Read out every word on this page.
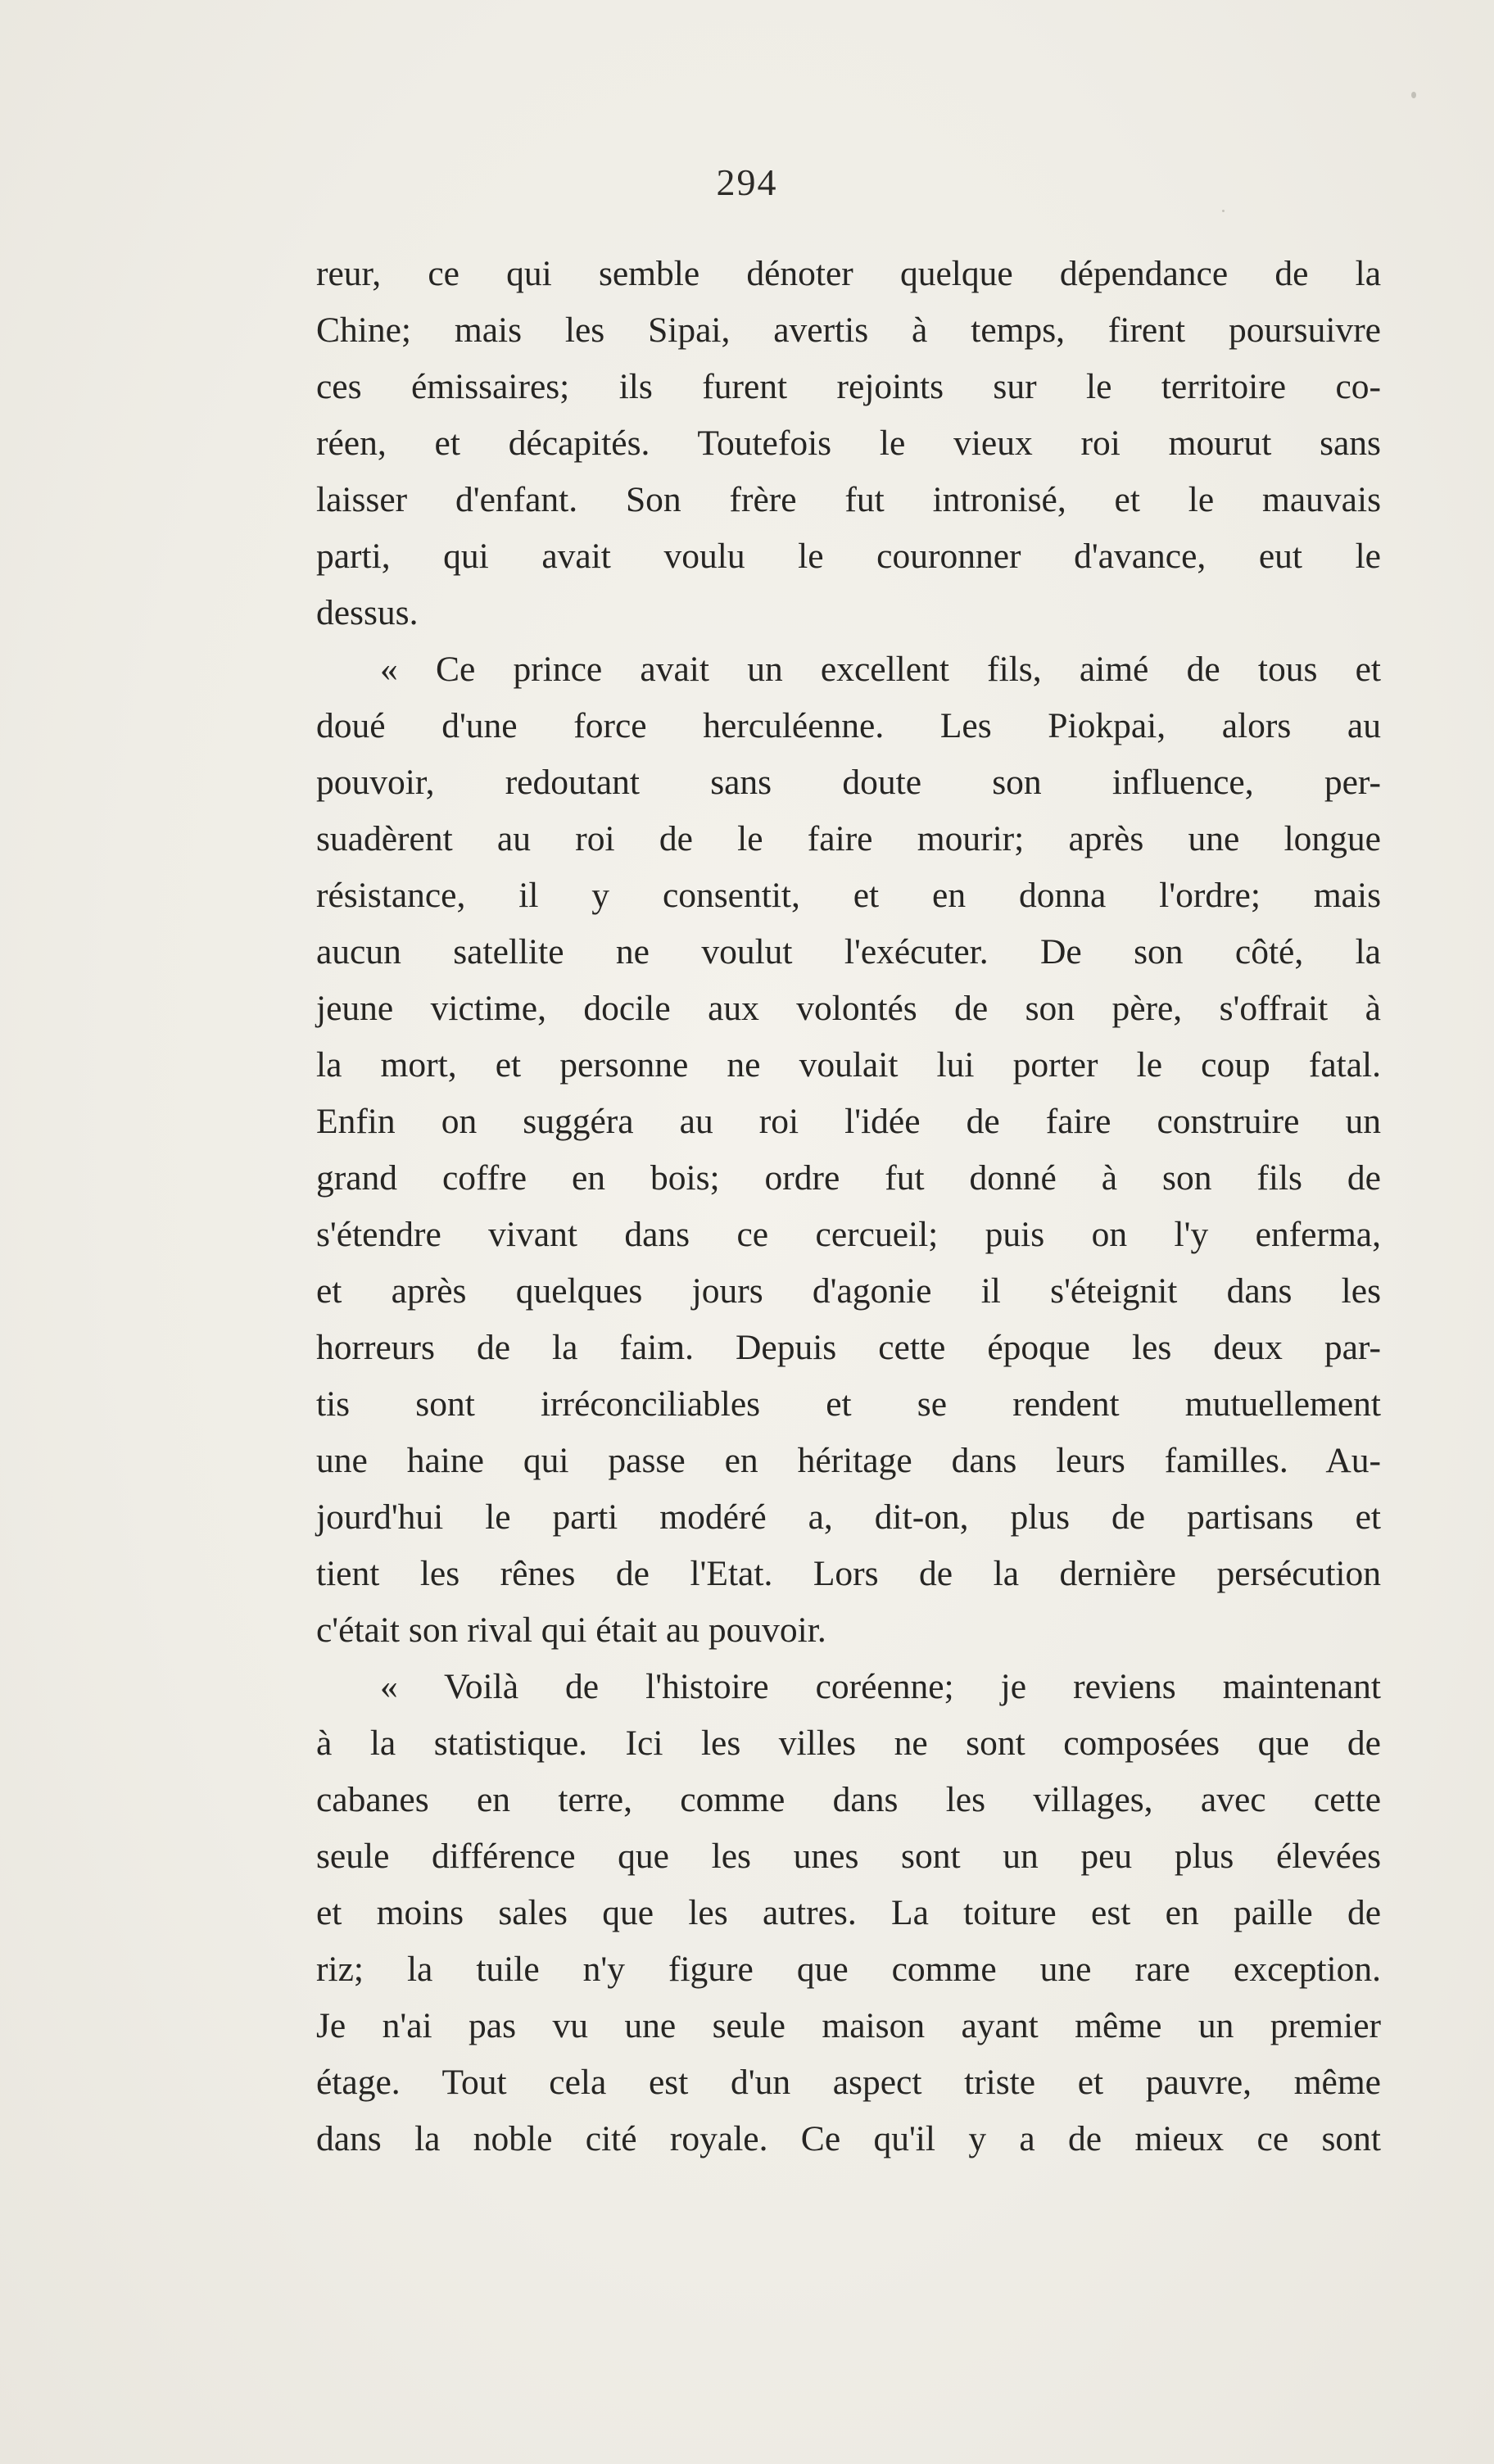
294
reur, ce qui semble dénoter quelque dépendance de la
Chine; mais les Sipai, avertis à temps, firent poursuivre
ces émissaires; ils furent rejoints sur le territoire co-
réen, et décapités. Toutefois le vieux roi mourut sans
laisser d'enfant. Son frère fut intronisé, et le mauvais
parti, qui avait voulu le couronner d'avance, eut le
dessus.
« Ce prince avait un excellent fils, aimé de tous et
doué d'une force herculéenne. Les Piokpai, alors au
pouvoir, redoutant sans doute son influence, per-
suadèrent au roi de le faire mourir; après une longue
résistance, il y consentit, et en donna l'ordre; mais
aucun satellite ne voulut l'exécuter. De son côté, la
jeune victime, docile aux volontés de son père, s'offrait à
la mort, et personne ne voulait lui porter le coup fatal.
Enfin on suggéra au roi l'idée de faire construire un
grand coffre en bois; ordre fut donné à son fils de
s'étendre vivant dans ce cercueil; puis on l'y enferma,
et après quelques jours d'agonie il s'éteignit dans les
horreurs de la faim. Depuis cette époque les deux par-
tis sont irréconciliables et se rendent mutuellement
une haine qui passe en héritage dans leurs familles. Au-
jourd'hui le parti modéré a, dit-on, plus de partisans et
tient les rênes de l'Etat. Lors de la dernière persécution
c'était son rival qui était au pouvoir.
« Voilà de l'histoire coréenne; je reviens maintenant
à la statistique. Ici les villes ne sont composées que de
cabanes en terre, comme dans les villages, avec cette
seule différence que les unes sont un peu plus élevées
et moins sales que les autres. La toiture est en paille de
riz; la tuile n'y figure que comme une rare exception.
Je n'ai pas vu une seule maison ayant même un premier
étage. Tout cela est d'un aspect triste et pauvre, même
dans la noble cité royale. Ce qu'il y a de mieux ce sont
